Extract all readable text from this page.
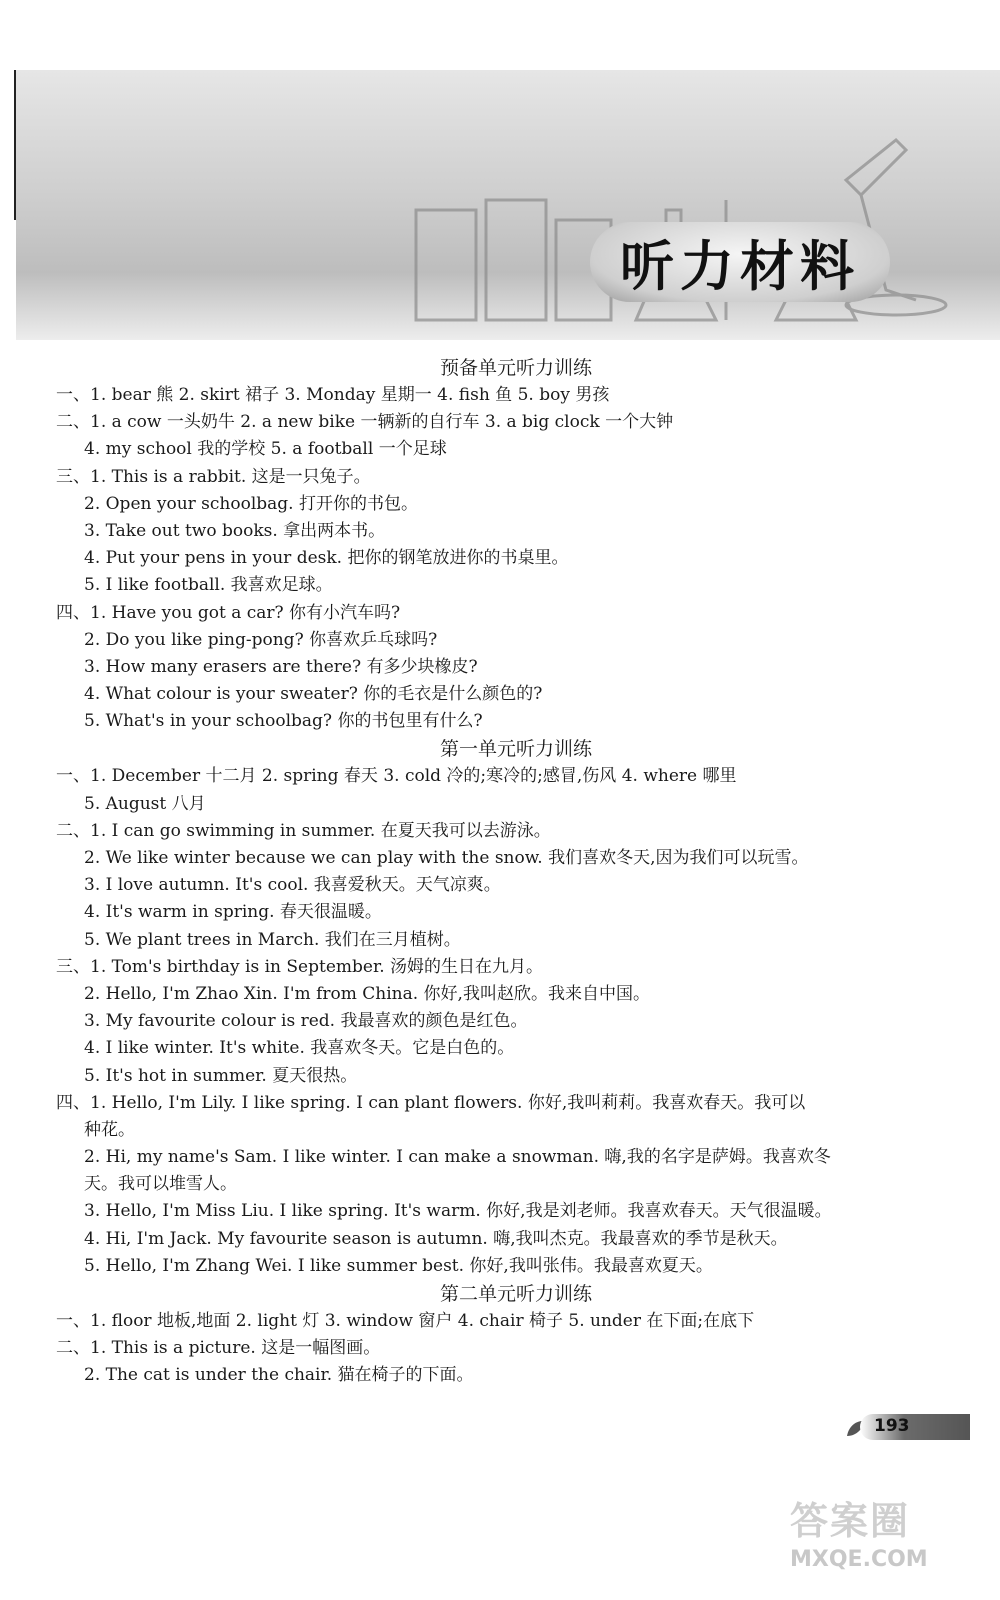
听力材料
预备单元听力训练
一、1. bear 熊 2. skirt 裙子 3. Monday 星期一 4. fish 鱼 5. boy 男孩
二、1. a cow 一头奶牛 2. a new bike 一辆新的自行车 3. a big clock 一个大钟
4. my school 我的学校 5. a football 一个足球
三、1. This is a rabbit. 这是一只兔子。
2. Open your schoolbag. 打开你的书包。
3. Take out two books. 拿出两本书。
4. Put your pens in your desk. 把你的钢笔放进你的书桌里。
5. I like football. 我喜欢足球。
四、1. Have you got a car? 你有小汽车吗?
2. Do you like ping-pong? 你喜欢乒乓球吗?
3. How many erasers are there? 有多少块橡皮?
4. What colour is your sweater? 你的毛衣是什么颜色的?
5. What's in your schoolbag? 你的书包里有什么?
第一单元听力训练
一、1. December 十二月 2. spring 春天 3. cold 冷的;寒冷的;感冒,伤风 4. where 哪里
5. August 八月
二、1. I can go swimming in summer. 在夏天我可以去游泳。
2. We like winter because we can play with the snow. 我们喜欢冬天,因为我们可以玩雪。
3. I love autumn. It's cool. 我喜爱秋天。天气凉爽。
4. It's warm in spring. 春天很温暖。
5. We plant trees in March. 我们在三月植树。
三、1. Tom's birthday is in September. 汤姆的生日在九月。
2. Hello, I'm Zhao Xin. I'm from China. 你好,我叫赵欣。我来自中国。
3. My favourite colour is red. 我最喜欢的颜色是红色。
4. I like winter. It's white. 我喜欢冬天。它是白色的。
5. It's hot in summer. 夏天很热。
四、1. Hello, I'm Lily. I like spring. I can plant flowers. 你好,我叫莉莉。我喜欢春天。我可以
种花。
2. Hi, my name's Sam. I like winter. I can make a snowman. 嗨,我的名字是萨姆。我喜欢冬
天。我可以堆雪人。
3. Hello, I'm Miss Liu. I like spring. It's warm. 你好,我是刘老师。我喜欢春天。天气很温暖。
4. Hi, I'm Jack. My favourite season is autumn. 嗨,我叫杰克。我最喜欢的季节是秋天。
5. Hello, I'm Zhang Wei. I like summer best. 你好,我叫张伟。我最喜欢夏天。
第二单元听力训练
一、1. floor 地板,地面 2. light 灯 3. window 窗户 4. chair 椅子 5. under 在下面;在底下
二、1. This is a picture. 这是一幅图画。
2. The cat is under the chair. 猫在椅子的下面。
193
答案圈
MXQE.COM
